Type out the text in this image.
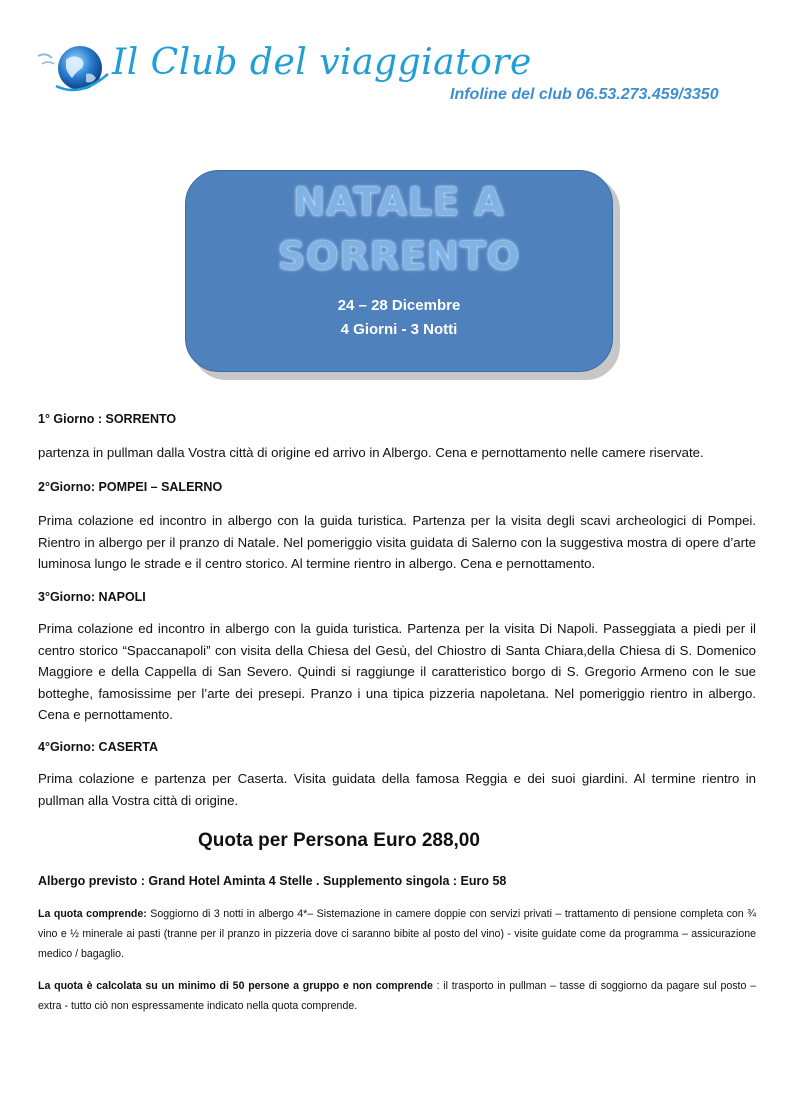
Il Club del viaggiatore
Infoline del club 06.53.273.459/3350
NATALE A
SORRENTO
24 – 28 Dicembre
4 Giorni - 3 Notti
1° Giorno : SORRENTO
partenza in pullman dalla Vostra città di origine ed arrivo in Albergo. Cena e pernottamento nelle camere riservate.
2°Giorno: POMPEI – SALERNO
Prima colazione ed incontro in albergo con la guida turistica. Partenza per la visita degli scavi archeologici di Pompei. Rientro in albergo per il pranzo di Natale. Nel pomeriggio visita guidata di Salerno con la suggestiva mostra di opere d’arte luminosa lungo le strade e il centro storico. Al termine rientro in albergo. Cena e pernottamento.
3°Giorno: NAPOLI
Prima colazione ed incontro in albergo con la guida turistica. Partenza per la visita Di Napoli. Passeggiata a piedi per il centro storico “Spaccanapoli” con visita della Chiesa del Gesù, del Chiostro di Santa Chiara,della Chiesa di S. Domenico Maggiore e della Cappella di San Severo. Quindi si raggiunge il caratteristico borgo di S. Gregorio Armeno con le sue botteghe, famosissime per l’arte dei presepi. Pranzo i una tipica pizzeria napoletana. Nel pomeriggio rientro in albergo. Cena e pernottamento.
4°Giorno: CASERTA
Prima colazione e partenza per Caserta. Visita guidata della famosa Reggia e dei suoi giardini. Al termine rientro in pullman alla Vostra città di origine.
Quota per Persona Euro 288,00
Albergo previsto : Grand Hotel Aminta 4 Stelle . Supplemento singola : Euro 58

La quota comprende: Soggiorno di 3 notti in albergo 4*– Sistemazione in camere doppie con servizi privati – trattamento di pensione completa con ¾ vino e ½ minerale ai pasti (tranne per il pranzo in pizzeria dove ci saranno bibite al posto del vino) - visite guidate come da programma – assicurazione medico / bagaglio.

La quota è calcolata su un minimo di 50 persone a gruppo e non comprende : il trasporto in pullman – tasse di soggiorno da pagare sul posto – extra - tutto ciò non espressamente indicato nella quota comprende.
